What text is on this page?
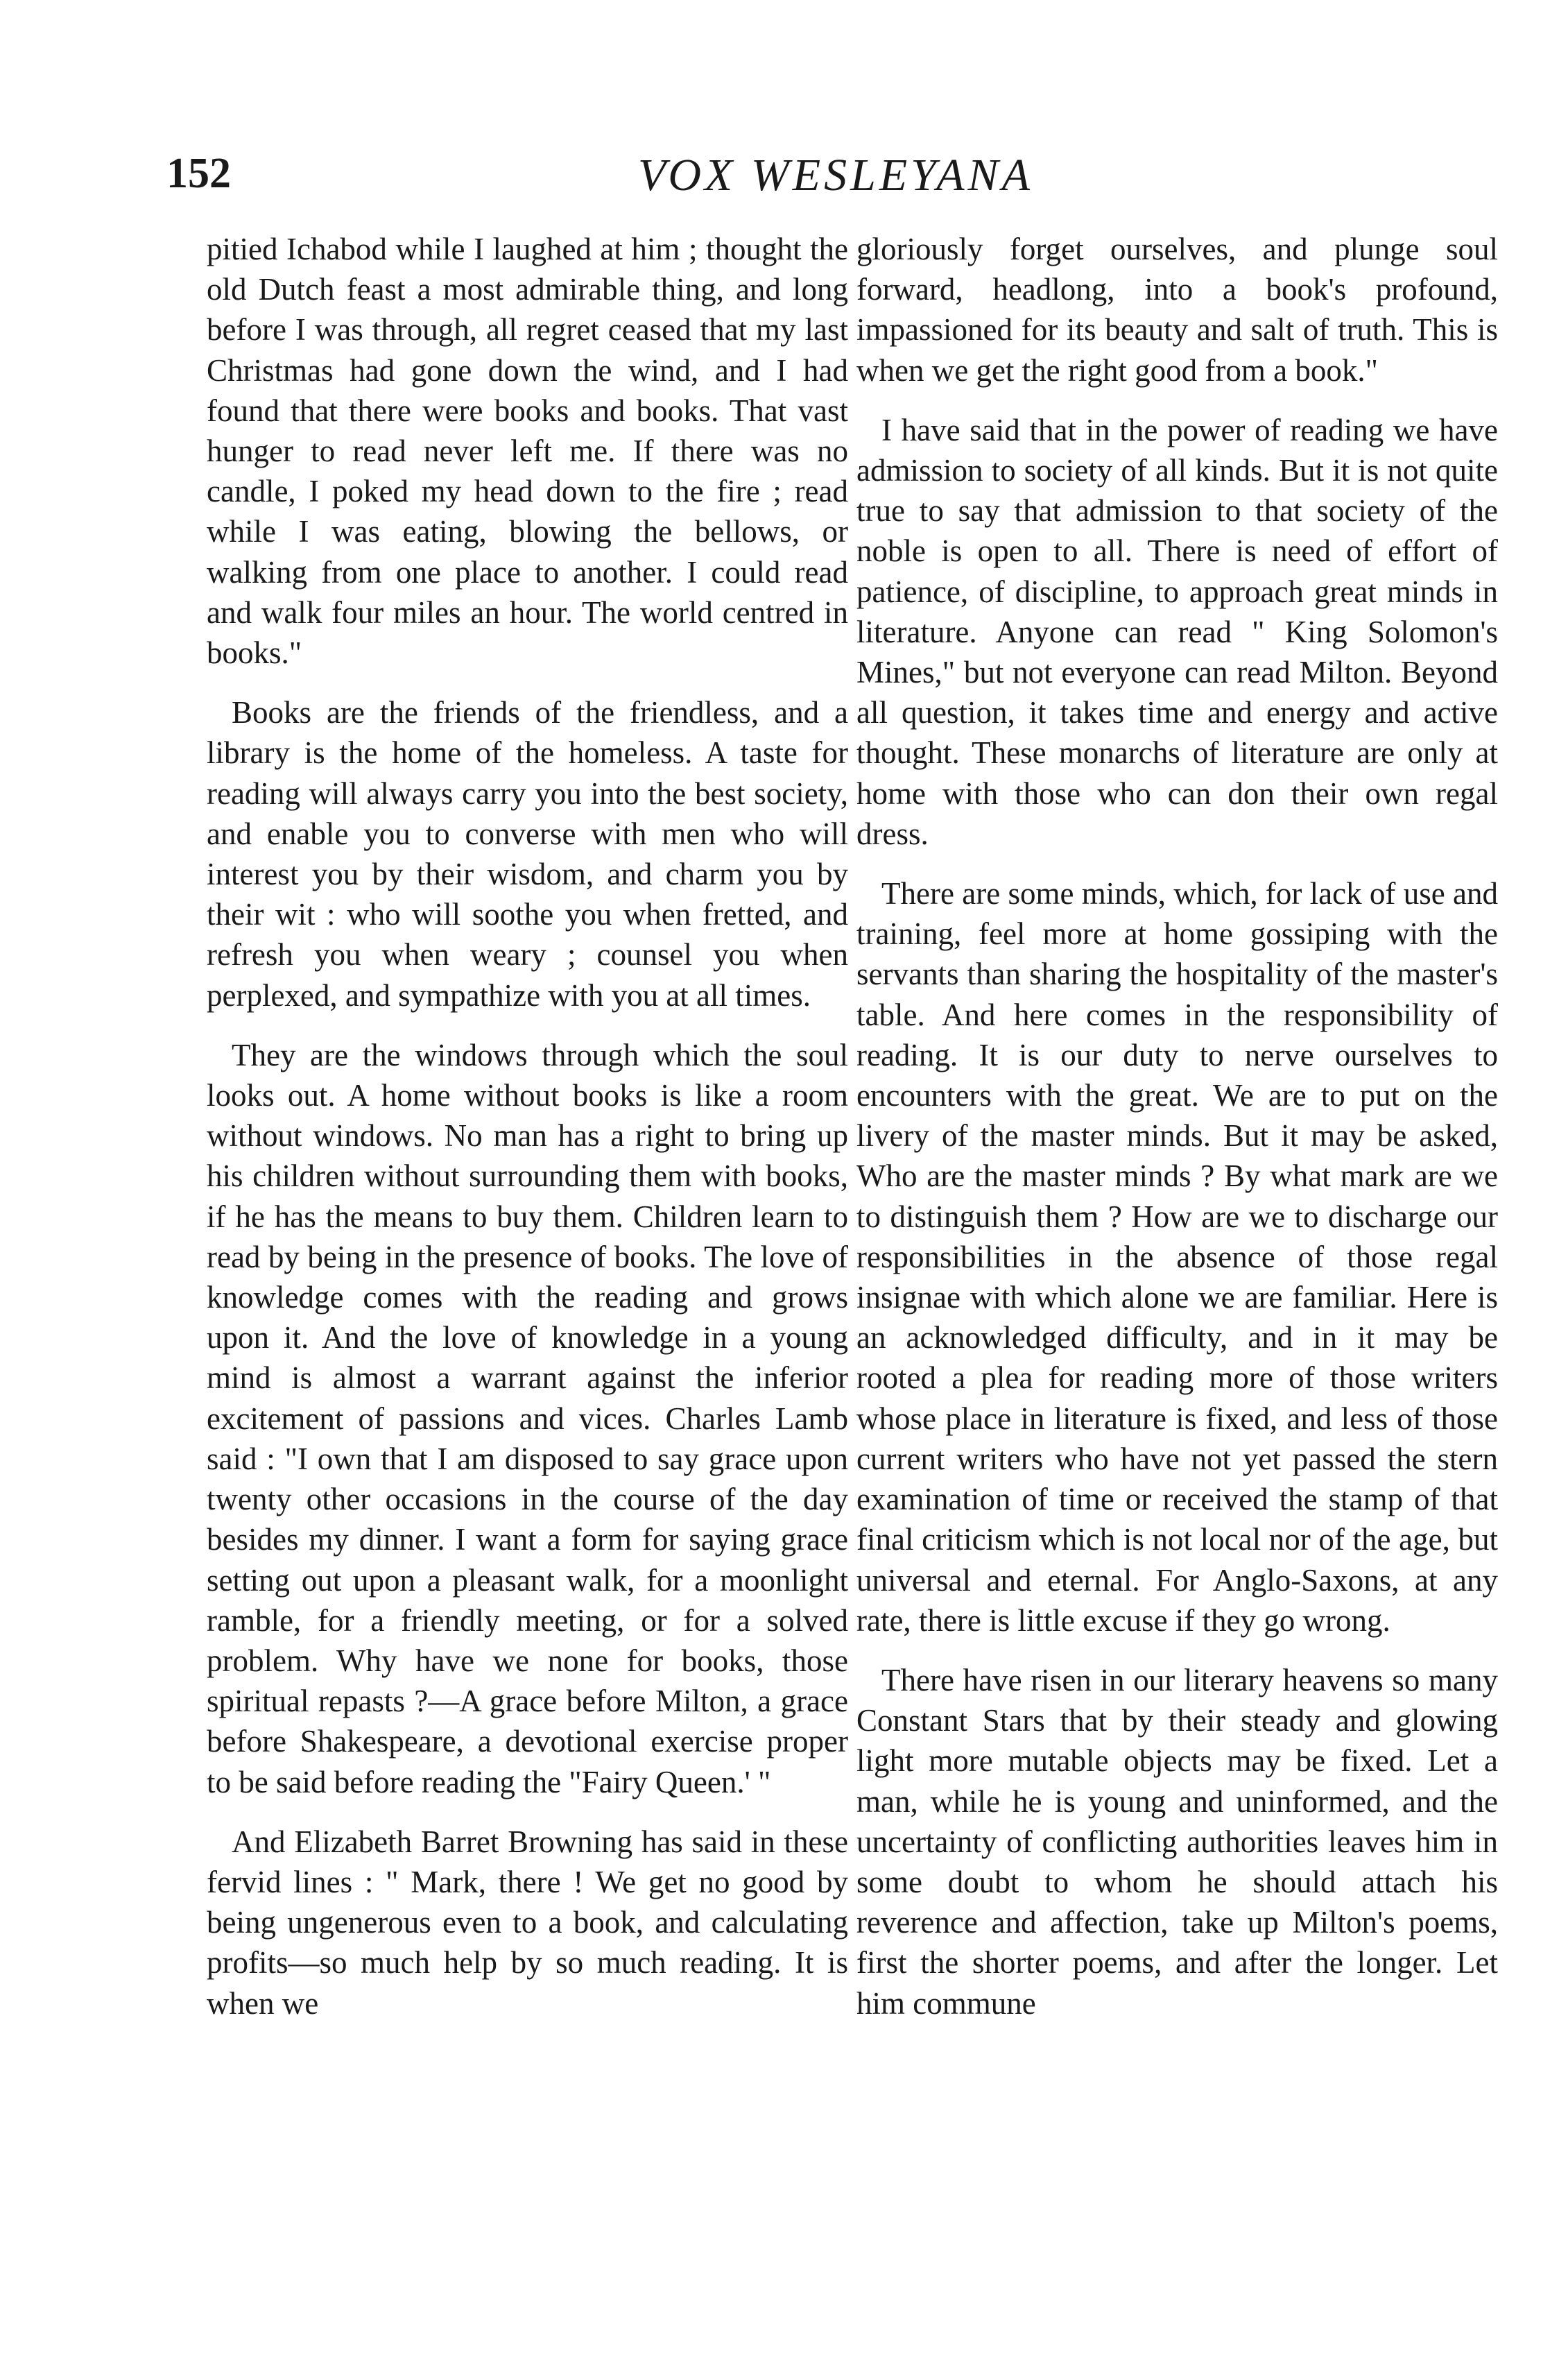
152	VOX WESLEYANA

pitied Ichabod while I laughed at him ; thought the old Dutch feast a most admirable thing, and long before I was through, all regret ceased that my last Christmas had gone down the wind, and I had found that there were books and books. That vast hunger to read never left me. If there was no candle, I poked my head down to the fire ; read while I was eating, blowing the bellows, or walking from one place to another. I could read and walk four miles an hour. The world centred in books."

Books are the friends of the friendless, and a library is the home of the homeless. A taste for reading will always carry you into the best society, and enable you to converse with men who will interest you by their wisdom, and charm you by their wit : who will soothe you when fretted, and refresh you when weary ; counsel you when perplexed, and sympathize with you at all times.

They are the windows through which the soul looks out. A home without books is like a room without windows. No man has a right to bring up his children without surrounding them with books, if he has the means to buy them. Children learn to read by being in the presence of books. The love of knowledge comes with the reading and grows upon it. And the love of knowledge in a young mind is almost a warrant against the inferior excitement of passions and vices. Charles Lamb said : "I own that I am disposed to say grace upon twenty other occasions in the course of the day besides my dinner. I want a form for saying grace setting out upon a pleasant walk, for a moonlight ramble, for a friendly meeting, or for a solved problem. Why have we none for books, those spiritual repasts ?—A grace before Milton, a grace before Shakespeare, a devotional exercise proper to be said before reading the "Fairy Queen.' "

And Elizabeth Barret Browning has said in these fervid lines : " Mark, there ! We get no good by being ungenerous even to a book, and calculating profits—so much help by so much reading. It is when we

gloriously forget ourselves, and plunge soul forward, headlong, into a book's profound, impassioned for its beauty and salt of truth. This is when we get the right good from a book."

I have said that in the power of reading we have admission to society of all kinds. But it is not quite true to say that admission to that society of the noble is open to all. There is need of effort of patience, of discipline, to approach great minds in literature. Anyone can read " King Solomon's Mines," but not everyone can read Milton. Beyond all question, it takes time and energy and active thought. These monarchs of literature are only at home with those who can don their own regal dress.

There are some minds, which, for lack of use and training, feel more at home gossiping with the servants than sharing the hospitality of the master's table. And here comes in the responsibility of reading. It is our duty to nerve ourselves to encounters with the great. We are to put on the livery of the master minds. But it may be asked, Who are the master minds ? By what mark are we to distinguish them ? How are we to discharge our responsibilities in the absence of those regal insignae with which alone we are familiar. Here is an acknowledged difficulty, and in it may be rooted a plea for reading more of those writers whose place in literature is fixed, and less of those current writers who have not yet passed the stern examination of time or received the stamp of that final criticism which is not local nor of the age, but universal and eternal. For Anglo-Saxons, at any rate, there is little excuse if they go wrong.

There have risen in our literary heavens so many Constant Stars that by their steady and glowing light more mutable objects may be fixed. Let a man, while he is young and uninformed, and the uncertainty of conflicting authorities leaves him in some doubt to whom he should attach his reverence and affection, take up Milton's poems, first the shorter poems, and after the longer. Let him commune
